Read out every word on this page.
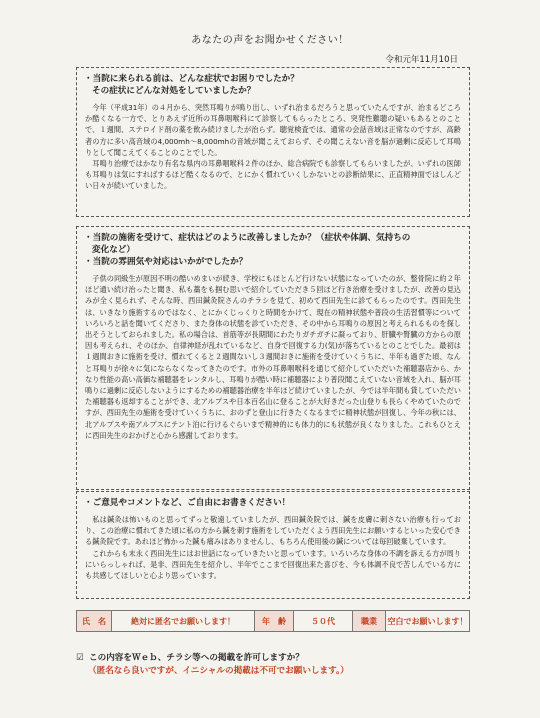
あなたの声をお聞かせください！
令和元年11月10日
・当院に来られる前は、どんな症状でお困りでしたか？
その症状にどんな対処をしていましたか？
　今年（平成31年）の４月から、突然耳鳴りが鳴り出し、いずれ治まるだろうと思っていたんですが、治まるどころか酷くなる一方で、とりあえず近所の耳鼻咽喉科にて診察してもらったところ、突発性難聴の疑いもあるとのことで、１週間、ステロイド剤の薬を飲み続けましたが治らず。聴覚検査では、通常の会話音域は正常なのですが、高齢者の方に多い高音域の4,000mh～8,000mhの音域が聞こえておらず、その聞こえない音を脳が過剰に反応して耳鳴りとして聞こえてくることのことでした。
　耳鳴り治療ではかなり有名な県内の耳鼻咽喉科２件のほか、総合病院でも診察してもらいましたが、いずれの医師も耳鳴りは気にすればするほど酷くなるので、とにかく慣れていくしかないとの診断結果に、正直精神面ではしんどい日々が続いていました。
・当院の施術を受けて、症状はどのように改善しましたか？（症状や体調、気持ちの
変化など）
・当院の雰囲気や対応はいかがでしたか？
　子供の同級生が原因不明の酷いめまいが続き、学校にもほとんど行けない状態になっていたのが、整骨院に約２年ほど通い続け治ったと聞き、私も藁をも掴む思いで紹介していただき５回ほど行き治療を受けましたが、改善の見込みが全く見られず、そんな時、西田鍼灸院さんのチラシを見て、初めて西田先生に診てもらったのです。西田先生は、いきなり施術するのではなく、とにかくじっくりと時間をかけて、現在の精神状態や普段の生活習慣等についていろいろと話を聞いてくださり、また身体の状態を診ていただき、その中から耳鳴りの原因と考えられるものを探し出そうとしておられました。私の場合は、首筋等が長期間にわたりガチガチに凝っており、肝臓や腎臓の方からの原因も考えられ、そのほか、自律神経が乱れているなど、自身で回復する力(気)が落ちているとのことでした。最初は１週間おきに施術を受け、慣れてくると２週間ないし３週間おきに施術を受けていくうちに、半年も過ぎた頃、なんと耳鳴りが徐々に気にならなくなってきたのです。市外の耳鼻咽喉科を通じて紹介していただいた補聴器店から、かなり性能の高い高価な補聴器をレンタルし、耳鳴りが酷い時に補聴器により普段聞こえていない音域を入れ、脳が耳鳴りに過剰に反応しないようにするための補聴器治療を半年ほど続けていましたが、今では半年間も貸していただいた補聴器も返却することができ、北アルプスや日本百名山に登ることが大好きだった山登りも長らくやめていたのですが、西田先生の施術を受けていくうちに、おのずと登山に行きたくなるまでに精神状態が回復し、今年の秋には、北アルプスや南アルプスにテント泊に行けるぐらいまで精神的にも体力的にも状態が良くなりました。これもひとえに西田先生のおかげと心から感謝しております。
・ご意見やコメントなど、ご自由にお書きください！
　私は鍼灸は怖いものと思ってずっと敬遠していましたが、西田鍼灸院では、鍼を皮膚に刺さない治療も行っており、この治療に慣れてきた頃に私の方から鍼を刺す施術をしていただくよう西田先生にお願いするといった安心できる鍼灸院です。あれほど怖かった鍼も痛みはありませんし、もちろん使用後の鍼については毎回破棄しています。
　これからも末永く西田先生にはお世話になっていきたいと思っています。いろいろな身体の不調を訴える方が周りにいらっしゃれば、是非、西田先生を紹介し、半年でここまで回復出来た喜びを、今も体調不良で苦しんでいる方にも共感してほしいと心より思っています。
氏　名	絶対に匿名でお願いします！	年　齢	５０代	職業	空白でお願いします！
☑ この内容をＷｅｂ、チラシ等への掲載を許可しますか？
（匿名なら良いですが、イニシャルの掲載は不可でお願いします。）
